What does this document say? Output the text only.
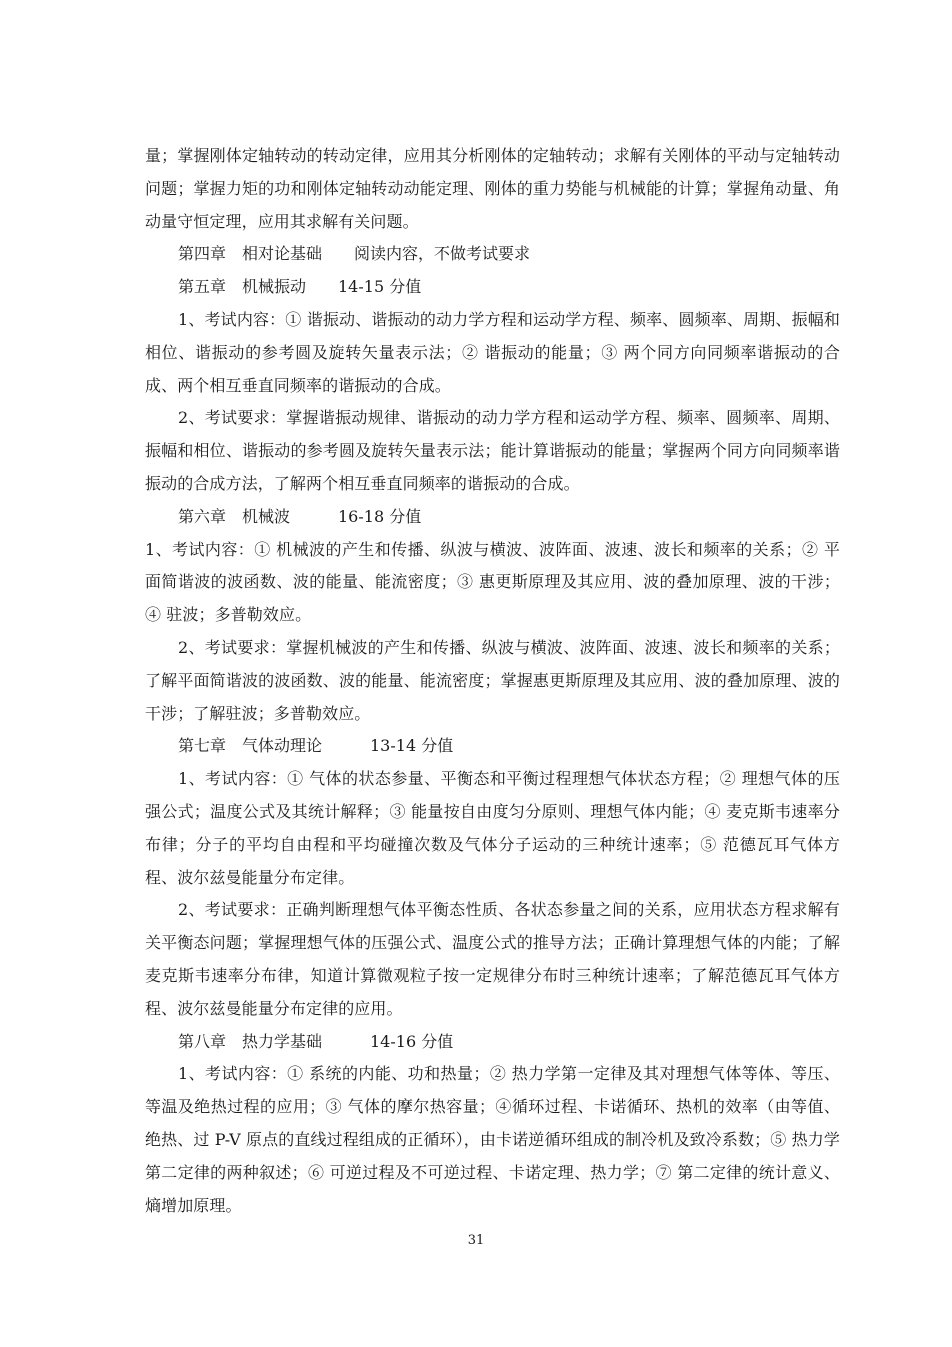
量；掌握刚体定轴转动的转动定律，应用其分析刚体的定轴转动；求解有关刚体的平动与定轴转动问题；掌握力矩的功和刚体定轴转动动能定理、刚体的重力势能与机械能的计算；掌握角动量、角动量守恒定理，应用其求解有关问题。

第四章　相对论基础　　阅读内容，不做考试要求

第五章　机械振动　　14-15 分值

1、考试内容：① 谐振动、谐振动的动力学方程和运动学方程、频率、圆频率、周期、振幅和相位、谐振动的参考圆及旋转矢量表示法；② 谐振动的能量；③ 两个同方向同频率谐振动的合成、两个相互垂直同频率的谐振动的合成。

2、考试要求：掌握谐振动规律、谐振动的动力学方程和运动学方程、频率、圆频率、周期、振幅和相位、谐振动的参考圆及旋转矢量表示法；能计算谐振动的能量；掌握两个同方向同频率谐振动的合成方法，了解两个相互垂直同频率的谐振动的合成。

第六章　机械波　　　16-18 分值

1、考试内容：① 机械波的产生和传播、纵波与横波、波阵面、波速、波长和频率的关系；② 平面简谐波的波函数、波的能量、能流密度；③ 惠更斯原理及其应用、波的叠加原理、波的干涉；④ 驻波；多普勒效应。

2、考试要求：掌握机械波的产生和传播、纵波与横波、波阵面、波速、波长和频率的关系；了解平面简谐波的波函数、波的能量、能流密度；掌握惠更斯原理及其应用、波的叠加原理、波的干涉；了解驻波；多普勒效应。

第七章　气体动理论　　　13-14 分值

1、考试内容：① 气体的状态参量、平衡态和平衡过程理想气体状态方程；② 理想气体的压强公式；温度公式及其统计解释；③ 能量按自由度匀分原则、理想气体内能；④ 麦克斯韦速率分布律；分子的平均自由程和平均碰撞次数及气体分子运动的三种统计速率；⑤ 范德瓦耳气体方程、波尔兹曼能量分布定律。

2、考试要求：正确判断理想气体平衡态性质、各状态参量之间的关系，应用状态方程求解有关平衡态问题；掌握理想气体的压强公式、温度公式的推导方法；正确计算理想气体的内能；了解麦克斯韦速率分布律，知道计算微观粒子按一定规律分布时三种统计速率；了解范德瓦耳气体方程、波尔兹曼能量分布定律的应用。

第八章　热力学基础　　　14-16 分值

1、考试内容：① 系统的内能、功和热量；② 热力学第一定律及其对理想气体等体、等压、等温及绝热过程的应用；③ 气体的摩尔热容量；④循环过程、卡诺循环、热机的效率（由等值、绝热、过 P-V 原点的直线过程组成的正循环），由卡诺逆循环组成的制冷机及致冷系数；⑤ 热力学第二定律的两种叙述；⑥ 可逆过程及不可逆过程、卡诺定理、热力学；⑦ 第二定律的统计意义、熵增加原理。

31
